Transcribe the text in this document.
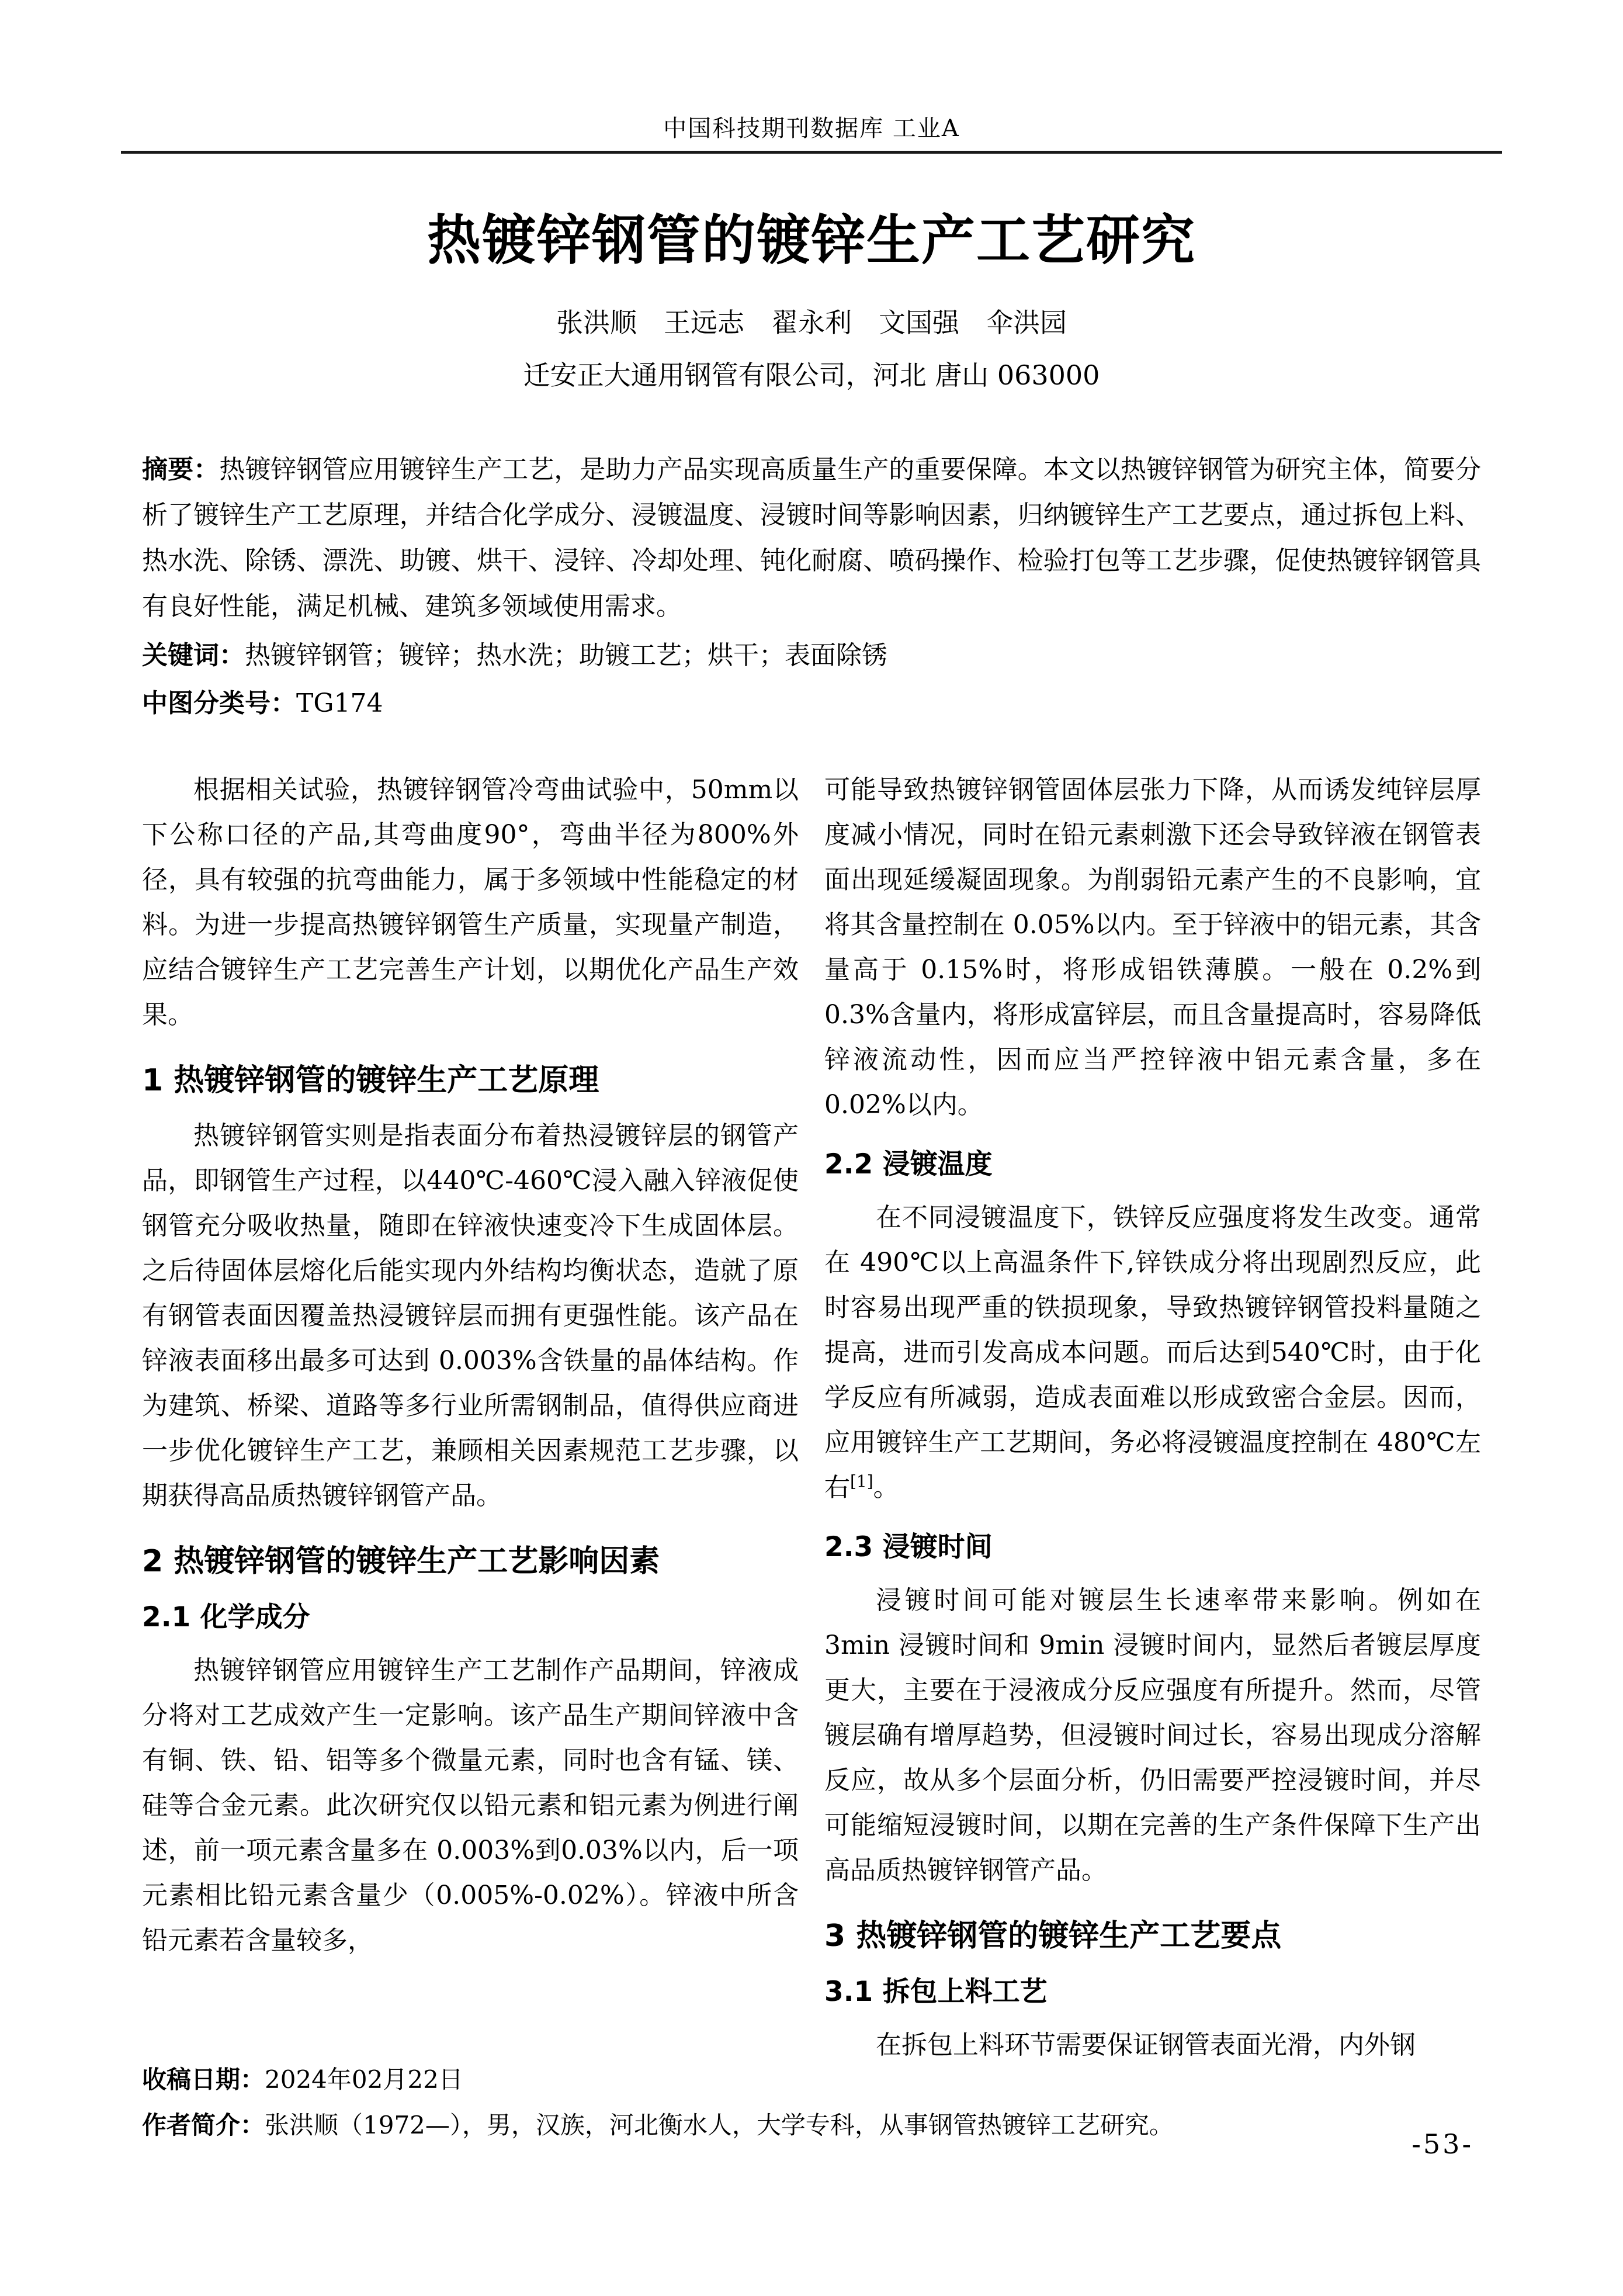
中国科技期刊数据库 工业A
热镀锌钢管的镀锌生产工艺研究
张洪顺　王远志　翟永利　文国强　伞洪园
迁安正大通用钢管有限公司，河北 唐山 063000
摘要：热镀锌钢管应用镀锌生产工艺，是助力产品实现高质量生产的重要保障。本文以热镀锌钢管为研究主体，简要分析了镀锌生产工艺原理，并结合化学成分、浸镀温度、浸镀时间等影响因素，归纳镀锌生产工艺要点，通过拆包上料、热水洗、除锈、漂洗、助镀、烘干、浸锌、冷却处理、钝化耐腐、喷码操作、检验打包等工艺步骤，促使热镀锌钢管具有良好性能，满足机械、建筑多领域使用需求。
关键词：热镀锌钢管；镀锌；热水洗；助镀工艺；烘干；表面除锈
中图分类号：TG174

根据相关试验，热镀锌钢管冷弯曲试验中，50mm以下公称口径的产品,其弯曲度90°，弯曲半径为800%外径，具有较强的抗弯曲能力，属于多领域中性能稳定的材料。为进一步提高热镀锌钢管生产质量，实现量产制造，应结合镀锌生产工艺完善生产计划，以期优化产品生产效果。

1 热镀锌钢管的镀锌生产工艺原理

热镀锌钢管实则是指表面分布着热浸镀锌层的钢管产品，即钢管生产过程，以440℃-460℃浸入融入锌液促使钢管充分吸收热量，随即在锌液快速变冷下生成固体层。之后待固体层熔化后能实现内外结构均衡状态，造就了原有钢管表面因覆盖热浸镀锌层而拥有更强性能。该产品在锌液表面移出最多可达到 0.003%含铁量的晶体结构。作为建筑、桥梁、道路等多行业所需钢制品，值得供应商进一步优化镀锌生产工艺，兼顾相关因素规范工艺步骤，以期获得高品质热镀锌钢管产品。

2 热镀锌钢管的镀锌生产工艺影响因素
2.1 化学成分

热镀锌钢管应用镀锌生产工艺制作产品期间，锌液成分将对工艺成效产生一定影响。该产品生产期间锌液中含有铜、铁、铅、铝等多个微量元素，同时也含有锰、镁、硅等合金元素。此次研究仅以铅元素和铝元素为例进行阐述，前一项元素含量多在 0.003%到0.03%以内，后一项元素相比铅元素含量少（0.005%-0.02%）。锌液中所含铅元素若含量较多，

可能导致热镀锌钢管固体层张力下降，从而诱发纯锌层厚度减小情况，同时在铅元素刺激下还会导致锌液在钢管表面出现延缓凝固现象。为削弱铅元素产生的不良影响，宜将其含量控制在 0.05%以内。至于锌液中的铝元素，其含量高于 0.15%时，将形成铝铁薄膜。一般在 0.2%到 0.3%含量内，将形成富锌层，而且含量提高时，容易降低锌液流动性，因而应当严控锌液中铝元素含量，多在 0.02%以内。

2.2 浸镀温度

在不同浸镀温度下，铁锌反应强度将发生改变。通常在 490℃以上高温条件下,锌铁成分将出现剧烈反应，此时容易出现严重的铁损现象，导致热镀锌钢管投料量随之提高，进而引发高成本问题。而后达到540℃时，由于化学反应有所减弱，造成表面难以形成致密合金层。因而，应用镀锌生产工艺期间，务必将浸镀温度控制在 480℃左右[1]。

2.3 浸镀时间

浸镀时间可能对镀层生长速率带来影响。例如在3min 浸镀时间和 9min 浸镀时间内，显然后者镀层厚度更大，主要在于浸液成分反应强度有所提升。然而，尽管镀层确有增厚趋势，但浸镀时间过长，容易出现成分溶解反应，故从多个层面分析，仍旧需要严控浸镀时间，并尽可能缩短浸镀时间，以期在完善的生产条件保障下生产出高品质热镀锌钢管产品。

3 热镀锌钢管的镀锌生产工艺要点
3.1 拆包上料工艺

在拆包上料环节需要保证钢管表面光滑，内外钢

收稿日期：2024年02月22日
作者简介：张洪顺（1972—），男，汉族，河北衡水人，大学专科，从事钢管热镀锌工艺研究。
-53-
